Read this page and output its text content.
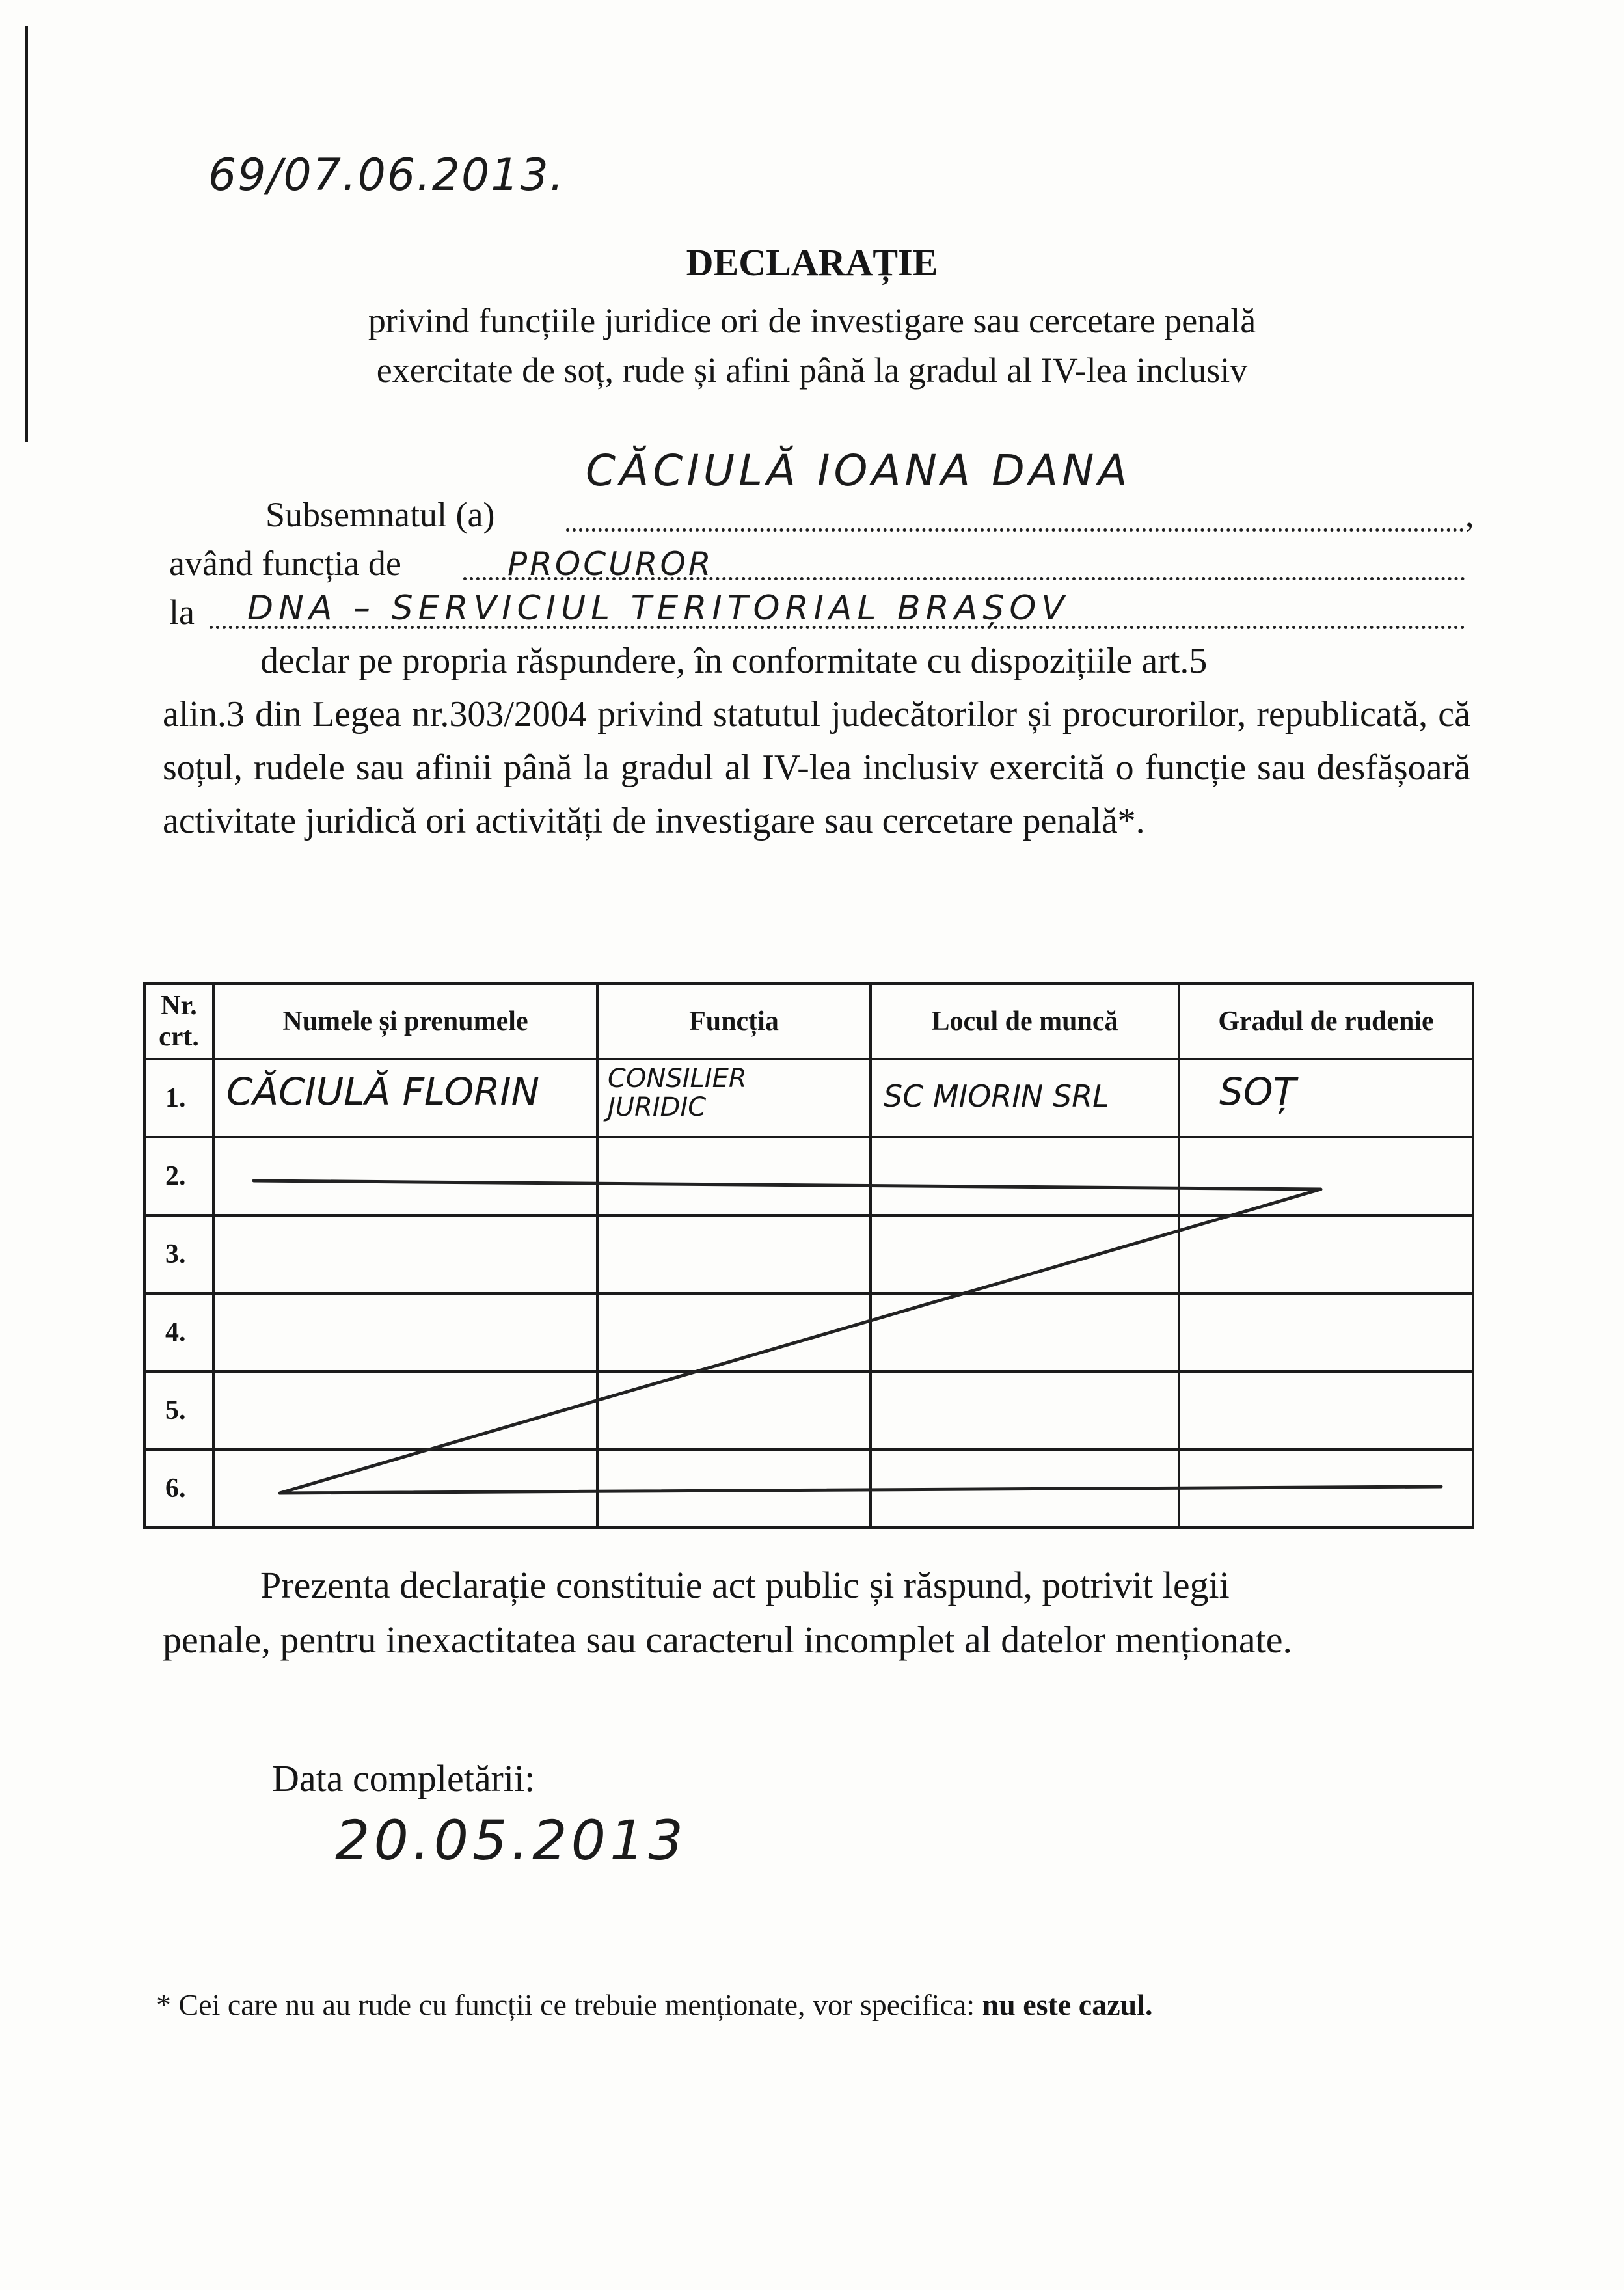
69/07.06.2013.
DECLARAȚIE
privind funcțiile juridice ori de investigare sau cercetare penală
exercitate de soț, rude și afini până la gradul al IV-lea inclusiv
Subsemnatul (a)
CĂCIULĂ IOANA DANA
,
având funcția de	PROCUROR
la DNA – SERVICIUL TERITORIAL BRAȘOV
declar pe propria răspundere, în conformitate cu dispozițiile art.5
alin.3 din Legea nr.303/2004 privind statutul judecătorilor și procurorilor, republicată, că soțul, rudele sau afinii până la gradul al IV-lea inclusiv exercită o funcție sau desfășoară activitate juridică ori activități de investigare sau cercetare penală*.
Nr. crt.	Numele și prenumele	Funcția	Locul de muncă	Gradul de rudenie
1.	CĂCIULĂ FLORIN	CONSILIER JURIDIC	SC MIORIN SRL	SOȚ

2.				
3.				
4.				
5.				
6.				
Prezenta declarație constituie act public și răspund, potrivit legii
penale, pentru inexactitatea sau caracterul incomplet al datelor menționate.
Data completării:
20.05.2013
* Cei care nu au rude cu funcții ce trebuie menționate, vor specifica: nu este cazul.
